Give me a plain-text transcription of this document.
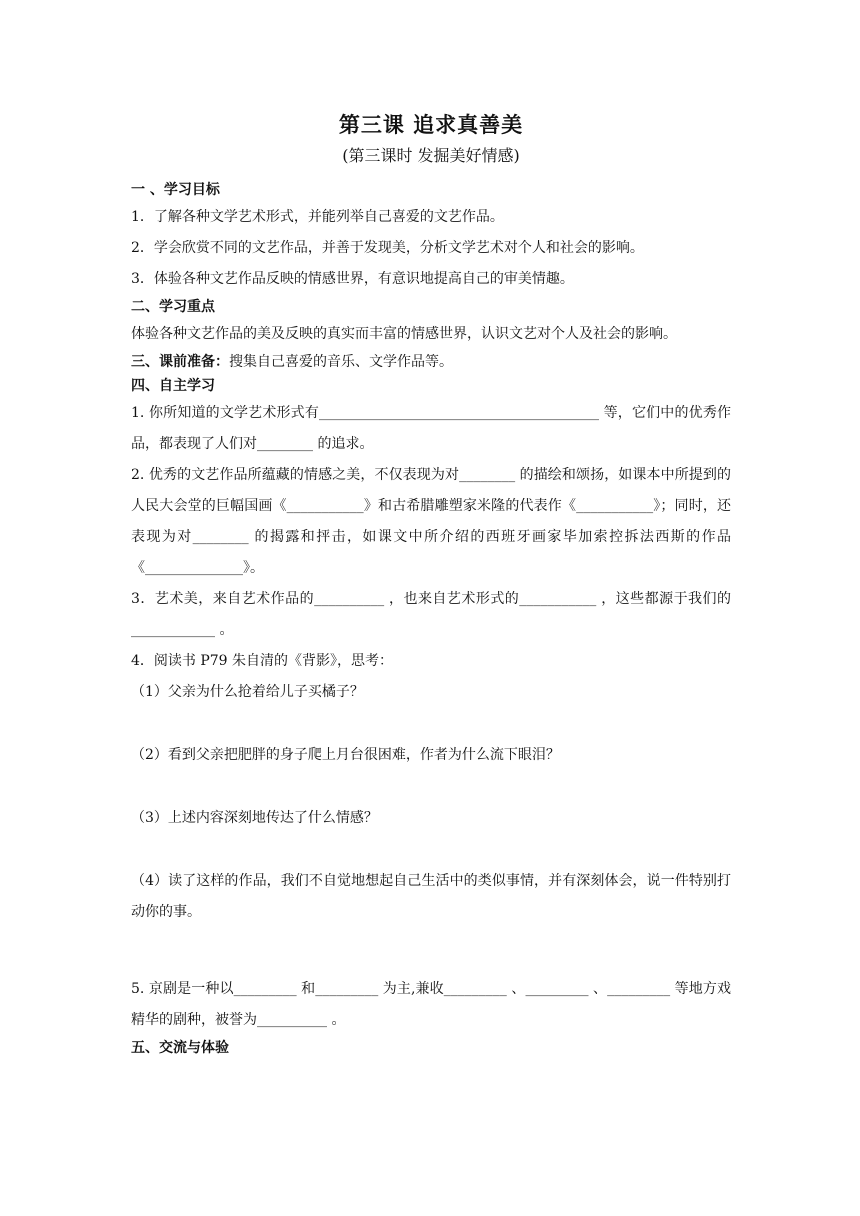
第三课 追求真善美
(第三课时 发掘美好情感)
一 、学习目标

1．了解各种文学艺术形式，并能列举自己喜爱的文艺作品。

2．学会欣赏不同的文艺作品，并善于发现美，分析文学艺术对个人和社会的影响。

3．体验各种文艺作品反映的情感世界，有意识地提高自己的审美情趣。

二、学习重点

体验各种文艺作品的美及反映的真实而丰富的情感世界，认识文艺对个人及社会的影响。

三、课前准备：搜集自己喜爱的音乐、文学作品等。
四、自主学习

1. 你所知道的文学艺术形式有________________________________________ 等，它们中的优秀作品，都表现了人们对________ 的追求。

2. 优秀的文艺作品所蕴藏的情感之美，不仅表现为对________ 的描绘和颂扬，如课本中所提到的人民大会堂的巨幅国画《___________》和古希腊雕塑家米隆的代表作《___________》；同时，还表现为对________ 的揭露和抨击，如课文中所介绍的西班牙画家毕加索控拆法西斯的作品《______________》。

3．艺术美，来自艺术作品的__________ ，也来自艺术形式的___________ ，这些都源于我们的____________ 。

4．阅读书 P79 朱自清的《背影》，思考：

（1）父亲为什么抢着给儿子买橘子？

（2）看到父亲把肥胖的身子爬上月台很困难，作者为什么流下眼泪？

（3）上述内容深刻地传达了什么情感？

（4）读了这样的作品，我们不自觉地想起自己生活中的类似事情，并有深刻体会，说一件特别打动你的事。

5. 京剧是一种以_________ 和_________ 为主,兼收_________ 、_________ 、_________ 等地方戏精华的剧种，被誉为__________ 。

五、交流与体验
